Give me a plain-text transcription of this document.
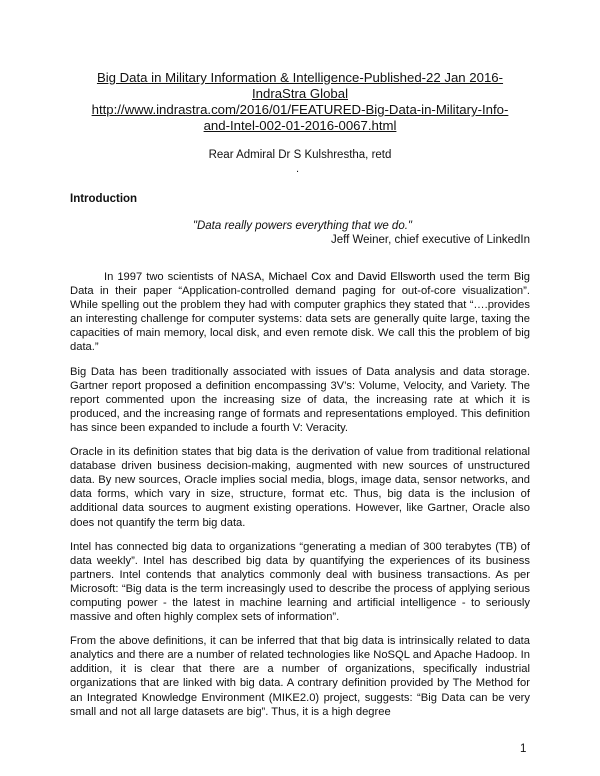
Big Data in Military Information & Intelligence-Published-22 Jan 2016-
IndraStra Global
http://www.indrastra.com/2016/01/FEATURED-Big-Data-in-Military-Info-
and-Intel-002-01-2016-0067.html
Rear Admiral Dr S Kulshrestha, retd
.
Introduction
"Data really powers everything that we do."
Jeff Weiner, chief executive of LinkedIn

In 1997 two scientists of NASA, Michael Cox and David Ellsworth used the term Big Data in their paper “Application-controlled demand paging for out-of-core visualization”. While spelling out the problem they had with computer graphics they stated that “….provides an interesting challenge for computer systems: data sets are generally quite large, taxing the capacities of main memory, local disk, and even remote disk. We call this the problem of big data.”

Big Data has been traditionally associated with issues of Data analysis and data storage. Gartner report proposed a definition encompassing 3V’s: Volume, Velocity, and Variety. The report commented upon the increasing size of data, the increasing rate at which it is produced, and the increasing range of formats and representations employed. This definition has since been expanded to include a fourth V: Veracity.

Oracle in its definition states that big data is the derivation of value from traditional relational database driven business decision-making, augmented with new sources of unstructured data. By new sources, Oracle implies social media, blogs, image data, sensor networks, and data forms, which vary in size, structure, format etc. Thus, big data is the inclusion of additional data sources to augment existing operations. However, like Gartner, Oracle also does not quantify the term big data.

Intel has connected big data to organizations “generating a median of 300 terabytes (TB) of data weekly”. Intel has described big data by quantifying the experiences of its business partners. Intel contends that analytics commonly deal with business transactions. As per Microsoft: “Big data is the term increasingly used to describe the process of applying serious computing power - the latest in machine learning and artificial intelligence - to seriously massive and often highly complex sets of information”.

From the above definitions, it can be inferred that that big data is intrinsically related to data analytics and there are a number of related technologies like NoSQL and Apache Hadoop. In addition, it is clear that there are a number of organizations, specifically industrial organizations that are linked with big data. A contrary definition provided by The Method for an Integrated Knowledge Environment (MIKE2.0) project, suggests: “Big Data can be very small and not all large datasets are big”. Thus, it is a high degree

1
